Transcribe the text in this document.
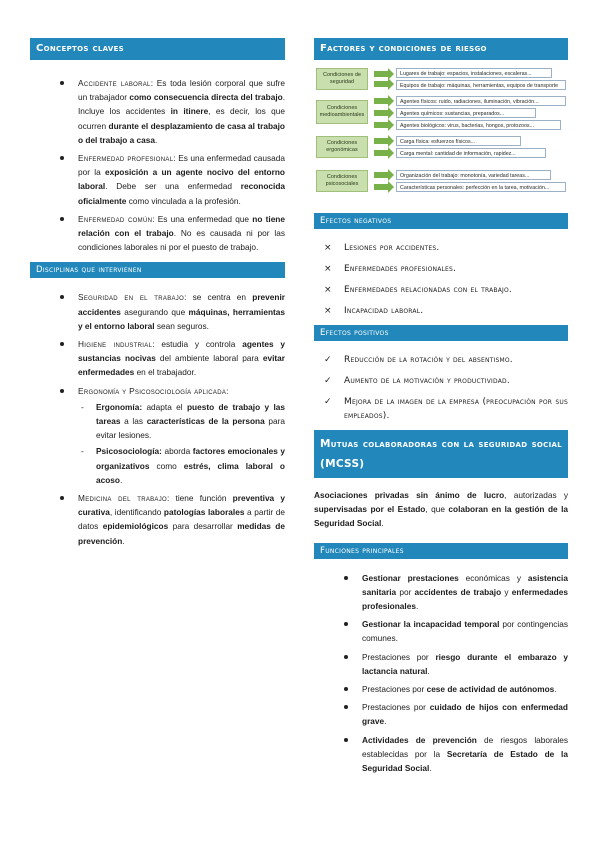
Conceptos claves
Accidente laboral: Es toda lesión corporal que sufre un trabajador como consecuencia directa del trabajo. Incluye los accidentes in itinere, es decir, los que ocurren durante el desplazamiento de casa al trabajo o del trabajo a casa.
Enfermedad profesional: Es una enfermedad causada por la exposición a un agente nocivo del entorno laboral. Debe ser una enfermedad reconocida oficialmente como vinculada a la profesión.
Enfermedad común: Es una enfermedad que no tiene relación con el trabajo. No es causada ni por las condiciones laborales ni por el puesto de trabajo.
Disciplinas que intervienen
Seguridad en el trabajo: se centra en prevenir accidentes asegurando que máquinas, herramientas y el entorno laboral sean seguros.
Higiene industrial: estudia y controla agentes y sustancias nocivas del ambiente laboral para evitar enfermedades en el trabajador.
Ergonomía y Psicosociología aplicada:
- Ergonomía: adapta el puesto de trabajo y las tareas a las características de la persona para evitar lesiones.
- Psicosociología: aborda factores emocionales y organizativos como estrés, clima laboral o acoso.
Medicina del trabajo: tiene función preventiva y curativa, identificando patologías laborales a partir de datos epidemiológicos para desarrollar medidas de prevención.
Factores y condiciones de riesgo
Condiciones de seguridad
Lugares de trabajo: espacios, instalaciones, escaleras...
Equipos de trabajo: máquinas, herramientas, equipos de transporte
Condiciones medioambientales
Agentes físicos: ruido, radiaciones, iluminación, vibración...
Agentes químicos: sustancias, preparados...
Agentes biológicos: virus, bacterias, hongos, protozoos...
Condiciones ergonómicas
Carga física: esfuerzos físicos...
Carga mental: cantidad de información, rapidez...
Condiciones psicosociales
Organización del trabajo: monotonía, variedad tareas...
Características personales: perfección en la tarea, motivación...
Efectos negativos
× Lesiones por accidentes.
× Enfermedades profesionales.
× Enfermedades relacionadas con el trabajo.
× Incapacidad laboral.
Efectos positivos
✓ Reducción de la rotación y del absentismo.
✓ Aumento de la motivación y productividad.
✓ Mejora de la imagen de la empresa (preocupación por sus empleados).
Mutuas colaboradoras con la seguridad social (MCSS)
Asociaciones privadas sin ánimo de lucro, autorizadas y supervisadas por el Estado, que colaboran en la gestión de la Seguridad Social.
Funciones principales
Gestionar prestaciones económicas y asistencia sanitaria por accidentes de trabajo y enfermedades profesionales.
Gestionar la incapacidad temporal por contingencias comunes.
Prestaciones por riesgo durante el embarazo y lactancia natural.
Prestaciones por cese de actividad de autónomos.
Prestaciones por cuidado de hijos con enfermedad grave.
Actividades de prevención de riesgos laborales establecidas por la Secretaría de Estado de la Seguridad Social.
